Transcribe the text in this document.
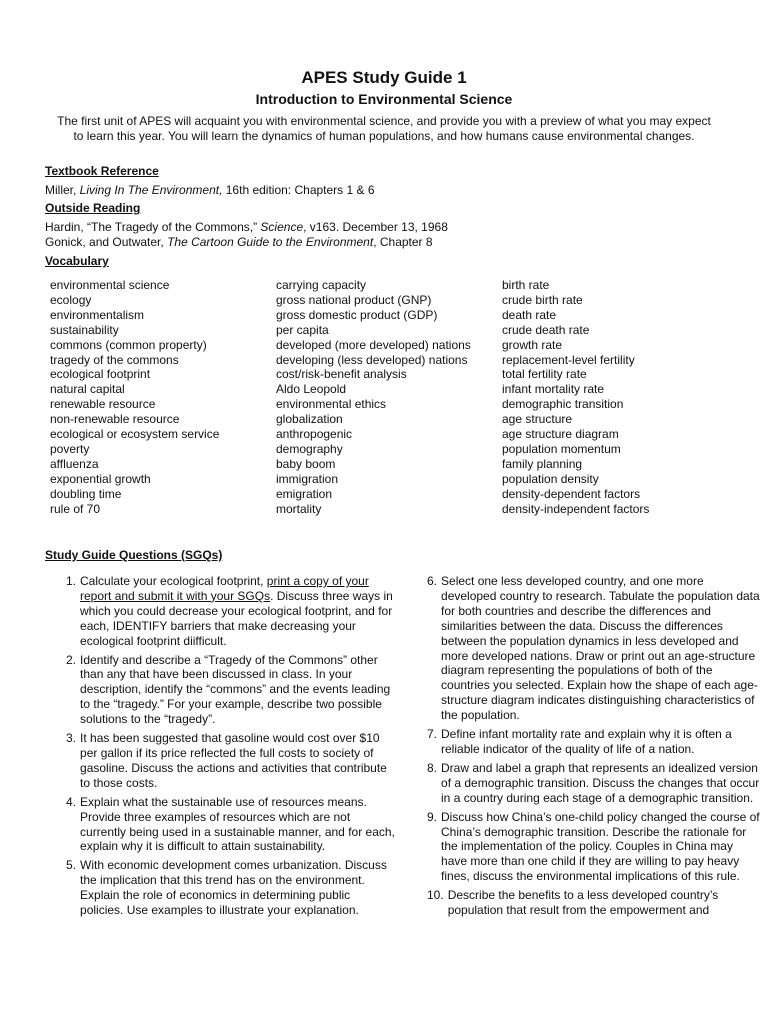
APES Study Guide 1
Introduction to Environmental Science
The first unit of APES will acquaint you with environmental science, and provide you with a preview of what you may expect to learn this year. You will learn the dynamics of human populations, and how humans cause environmental changes.
Textbook Reference
Miller, Living In The Environment, 16th edition: Chapters 1 & 6
Outside Reading
Hardin, “The Tragedy of the Commons,” Science, v163. December 13, 1968
Gonick, and Outwater, The Cartoon Guide to the Environment, Chapter 8
Vocabulary
environmental science
ecology
environmentalism
sustainability
commons (common property)
tragedy of the commons
ecological footprint
natural capital
renewable resource
non-renewable resource
ecological or ecosystem service
poverty
affluenza
exponential growth
doubling time
rule of 70
carrying capacity
gross national product (GNP)
gross domestic product (GDP)
per capita
developed (more developed) nations
developing (less developed) nations
cost/risk-benefit analysis
Aldo Leopold
environmental ethics
globalization
anthropogenic
demography
baby boom
immigration
emigration
mortality
birth rate
crude birth rate
death rate
crude death rate
growth rate
replacement-level fertility
total fertility rate
infant mortality rate
demographic transition
age structure
age structure diagram
population momentum
family planning
population density
density-dependent factors
density-independent factors
Study Guide Questions (SGQs)
1. Calculate your ecological footprint, print a copy of your report and submit it with your SGQs. Discuss three ways in which you could decrease your ecological footprint, and for each, IDENTIFY barriers that make decreasing your ecological footprint diifficult.
2. Identify and describe a “Tragedy of the Commons” other than any that have been discussed in class. In your description, identify the “commons” and the events leading to the “tragedy.” For your example, describe two possible solutions to the “tragedy”.
3. It has been suggested that gasoline would cost over $10 per gallon if its price reflected the full costs to society of gasoline. Discuss the actions and activities that contribute to those costs.
4. Explain what the sustainable use of resources means. Provide three examples of resources which are not currently being used in a sustainable manner, and for each, explain why it is difficult to attain sustainability.
5. With economic development comes urbanization. Discuss the implication that this trend has on the environment. Explain the role of economics in determining public policies. Use examples to illustrate your explanation.
6. Select one less developed country, and one more developed country to research. Tabulate the population data for both countries and describe the differences and similarities between the data. Discuss the differences between the population dynamics in less developed and more developed nations. Draw or print out an age-structure diagram representing the populations of both of the countries you selected. Explain how the shape of each age-structure diagram indicates distinguishing characteristics of the population.
7. Define infant mortality rate and explain why it is often a reliable indicator of the quality of life of a nation.
8. Draw and label a graph that represents an idealized version of a demographic transition. Discuss the changes that occur in a country during each stage of a demographic transition.
9. Discuss how China’s one-child policy changed the course of China’s demographic transition. Describe the rationale for the implementation of the policy. Couples in China may have more than one child if they are willing to pay heavy fines, discuss the environmental implications of this rule.
10. Describe the benefits to a less developed country’s population that result from the empowerment and
